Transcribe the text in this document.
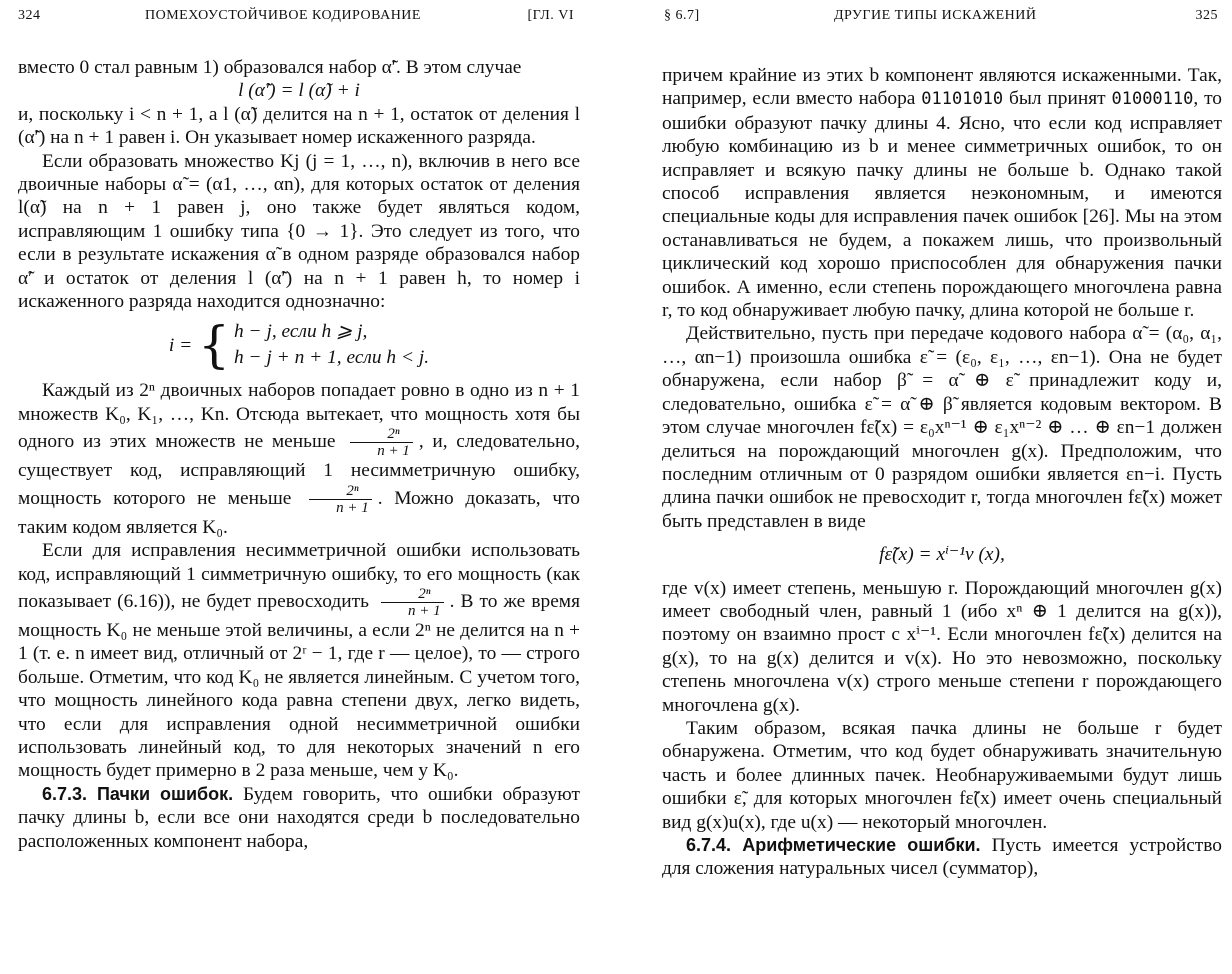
324	ПОМЕХОУСТОЙЧИВОЕ КОДИРОВАНИЕ	[ГЛ. VI

вместо 0 стал равным 1) образовался набор α̃′. В этом случае

l (α̃′) = l (α̃) + i

и, поскольку i < n + 1, а l (α̃) делится на n + 1, остаток от деления l (α̃′) на n + 1 равен i. Он указывает номер искаженного разряда.

Если образовать множество Kj (j = 1, …, n), включив в него все двоичные наборы α̃ = (α1, …, αn), для которых остаток от деления l(α̃) на n + 1 равен j, оно также будет являться кодом, исправляющим 1 ошибку типа {0 → 1}. Это следует из того, что если в результате искажения α̃ в одном разряде образовался набор α̃′ и остаток от деления l (α̃′) на n + 1 равен h, то номер i искаженного разряда находится однозначно:

i = { h − j, если h ⩾ j,
h − j + n + 1, если h < j.

Каждый из 2ⁿ двоичных наборов попадает ровно в одно из n + 1 множеств K₀, K₁, …, Kn. Отсюда вытекает, что мощность хотя бы одного из этих множеств не меньше $\frac{\text{2ⁿ}}{n + 1}$ , и, следовательно, существует код, исправляющий 1 несимметричную ошибку, мощность которого не меньше $\frac{\text{2ⁿ}}{n + 1}$ . Можно доказать, что таким кодом является K₀.

Если для исправления несимметричной ошибки использовать код, исправляющий 1 симметричную ошибку, то его мощность (как показывает (6.16)), не будет превосходить $\frac{\text{2ⁿ}}{n + 1}$ . В то же время мощность K₀ не меньше этой величины, а если 2ⁿ не делится на n + 1 (т. е. n имеет вид, отличный от 2ʳ − 1, где r — целое), то — строго больше. Отметим, что код K₀ не является линейным. С учетом того, что мощность линейного кода равна степени двух, легко видеть, что если для исправления одной несимметричной ошибки использовать линейный код, то для некоторых значений n его мощность будет примерно в 2 раза меньше, чем у K₀.

6.7.3. Пачки ошибок. Будем говорить, что ошибки образуют пачку длины b, если все они находятся среди b последовательно расположенных компонент набора,

§ 6.7]	ДРУГИЕ ТИПЫ ИСКАЖЕНИЙ	325

причем крайние из этих b компонент являются искаженными. Так, например, если вместо набора 01101010 был принят 01000110, то ошибки образуют пачку длины 4. Ясно, что если код исправляет любую комбинацию из b и менее симметричных ошибок, то он исправляет и всякую пачку длины не больше b. Однако такой способ исправления является неэкономным, и имеются специальные коды для исправления пачек ошибок [26]. Мы на этом останавливаться не будем, а покажем лишь, что произвольный циклический код хорошо приспособлен для обнаружения пачки ошибок. А именно, если степень порождающего многочлена равна r, то код обнаруживает любую пачку, длина которой не больше r.

Действительно, пусть при передаче кодового набора α̃ = (α₀, α₁, …, αn−1) произошла ошибка ε̃ = (ε₀, ε₁, …, εn−1). Она не будет обнаружена, если набор β̃ = α̃ ⊕ ε̃ принадлежит коду и, следовательно, ошибка ε̃ = α̃ ⊕ β̃ является кодовым вектором. В этом случае многочлен fε̃(x) = ε₀xⁿ⁻¹ ⊕ ε₁xⁿ⁻² ⊕ … ⊕ εn−1 должен делиться на порождающий многочлен g(x). Предположим, что последним отличным от 0 разрядом ошибки является εn−i. Пусть длина пачки ошибок не превосходит r, тогда многочлен fε̃(x) может быть представлен в виде

fε̃(x) = xⁱ⁻¹v (x),

где v(x) имеет степень, меньшую r. Порождающий многочлен g(x) имеет свободный член, равный 1 (ибо xⁿ ⊕ 1 делится на g(x)), поэтому он взаимно прост с xⁱ⁻¹. Если многочлен fε̃(x) делится на g(x), то на g(x) делится и v(x). Но это невозможно, поскольку степень многочлена v(x) строго меньше степени r порождающего многочлена g(x).

Таким образом, всякая пачка длины не больше r будет обнаружена. Отметим, что код будет обнаруживать значительную часть и более длинных пачек. Необнаруживаемыми будут лишь ошибки ε̃, для которых многочлен fε̃(x) имеет очень специальный вид g(x)u(x), где u(x) — некоторый многочлен.

6.7.4. Арифметические ошибки. Пусть имеется устройство для сложения натуральных чисел (сумматор),
